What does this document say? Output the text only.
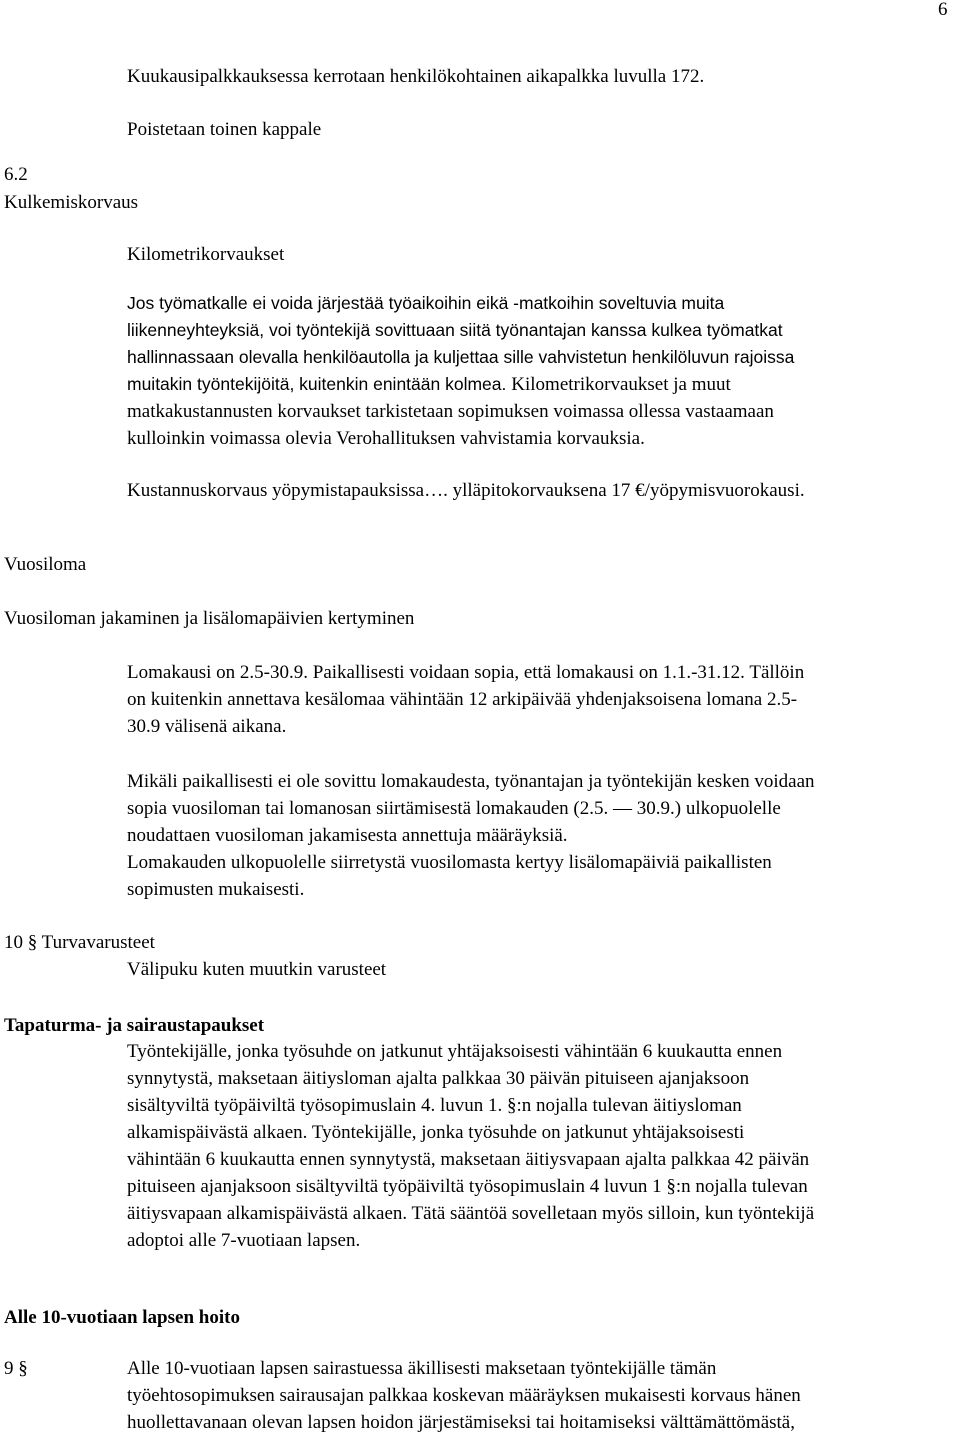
6
Kuukausipalkkauksessa kerrotaan henkilökohtainen aikapalkka luvulla 172.
Poistetaan toinen kappale
6.2
Kulkemiskorvaus
Kilometrikorvaukset
Jos työmatkalle ei voida järjestää työaikoihin eikä -matkoihin soveltuvia muita
liikenneyhteyksiä, voi työntekijä sovittuaan siitä työnantajan kanssa kulkea työmatkat
hallinnassaan olevalla henkilöautolla ja kuljettaa sille vahvistetun henkilöluvun rajoissa
muitakin työntekijöitä, kuitenkin enintään kolmea. Kilometrikorvaukset ja muut
matkakustannusten korvaukset tarkistetaan sopimuksen voimassa ollessa vastaamaan
kulloinkin voimassa olevia Verohallituksen vahvistamia korvauksia.
Kustannuskorvaus yöpymistapauksissa…. ylläpitokorvauksena 17 €/yöpymisvuorokausi.
Vuosiloma
Vuosiloman jakaminen ja lisälomapäivien kertyminen
Lomakausi on 2.5-30.9. Paikallisesti voidaan sopia, että lomakausi on 1.1.-31.12. Tällöin
on kuitenkin annettava kesälomaa vähintään 12 arkipäivää yhdenjaksoisena lomana 2.5-
30.9 välisenä aikana.
Mikäli paikallisesti ei ole sovittu lomakaudesta, työnantajan ja työntekijän kesken voidaan
sopia vuosiloman tai lomanosan siirtämisestä lomakauden (2.5. — 30.9.) ulkopuolelle
noudattaen vuosiloman jakamisesta annettuja määräyksiä.
Lomakauden ulkopuolelle siirretystä vuosilomasta kertyy lisälomapäiviä paikallisten
sopimusten mukaisesti.
10 § Turvavarusteet
Välipuku kuten muutkin varusteet
Tapaturma- ja sairaustapaukset
Työntekijälle, jonka työsuhde on jatkunut yhtäjaksoisesti vähintään 6 kuukautta ennen
synnytystä, maksetaan äitiysloman ajalta palkkaa 30 päivän pituiseen ajanjaksoon
sisältyviltä työpäiviltä työsopimuslain 4. luvun 1. §:n nojalla tulevan äitiysloman
alkamispäivästä alkaen. Työntekijälle, jonka työsuhde on jatkunut yhtäjaksoisesti
vähintään 6 kuukautta ennen synnytystä, maksetaan äitiysvapaan ajalta palkkaa 42 päivän
pituiseen ajanjaksoon sisältyviltä työpäiviltä työsopimuslain 4 luvun 1 §:n nojalla tulevan
äitiysvapaan alkamispäivästä alkaen. Tätä sääntöä sovelletaan myös silloin, kun työntekijä
adoptoi alle 7-vuotiaan lapsen.
Alle 10-vuotiaan lapsen hoito
9 §	Alle 10-vuotiaan lapsen sairastuessa äkillisesti maksetaan työntekijälle tämän
työehtosopimuksen sairausajan palkkaa koskevan määräyksen mukaisesti korvaus hänen
huollettavanaan olevan lapsen hoidon järjestämiseksi tai hoitamiseksi välttämättömästä,
